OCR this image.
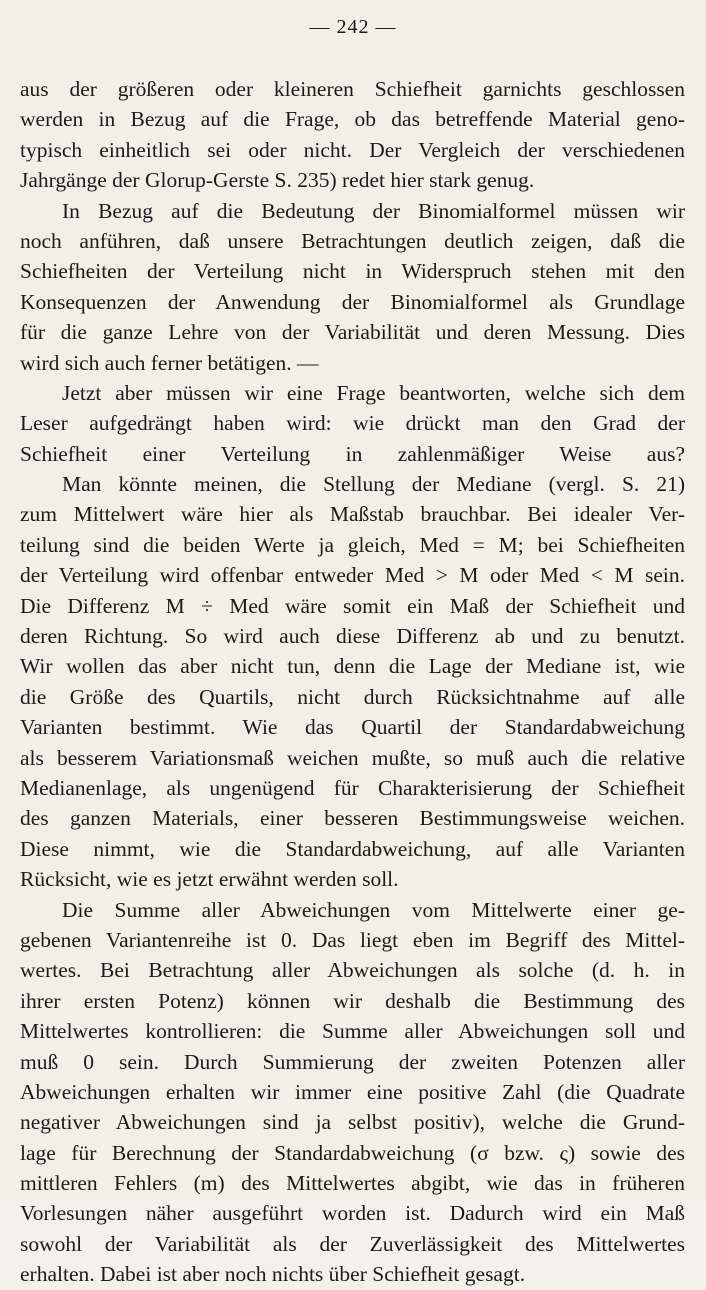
— 242 —
aus der größeren oder kleineren Schiefheit garnichts geschlossen
werden in Bezug auf die Frage, ob das betreffende Material geno-
typisch einheitlich sei oder nicht. Der Vergleich der verschiedenen
Jahrgänge der Glorup-Gerste S. 235) redet hier stark genug.
In Bezug auf die Bedeutung der Binomialformel müssen wir
noch anführen, daß unsere Betrachtungen deutlich zeigen, daß die
Schiefheiten der Verteilung nicht in Widerspruch stehen mit den
Konsequenzen der Anwendung der Binomialformel als Grundlage
für die ganze Lehre von der Variabilität und deren Messung. Dies
wird sich auch ferner betätigen. —
Jetzt aber müssen wir eine Frage beantworten, welche sich dem
Leser aufgedrängt haben wird: wie drückt man den Grad der
Schiefheit einer Verteilung in zahlenmäßiger Weise aus?
Man könnte meinen, die Stellung der Mediane (vergl. S. 21)
zum Mittelwert wäre hier als Maßstab brauchbar. Bei idealer Ver-
teilung sind die beiden Werte ja gleich, Med = M; bei Schiefheiten
der Verteilung wird offenbar entweder Med > M oder Med < M sein.
Die Differenz M ÷ Med wäre somit ein Maß der Schiefheit und
deren Richtung. So wird auch diese Differenz ab und zu benutzt.
Wir wollen das aber nicht tun, denn die Lage der Mediane ist, wie
die Größe des Quartils, nicht durch Rücksichtnahme auf alle
Varianten bestimmt. Wie das Quartil der Standardabweichung
als besserem Variationsmaß weichen mußte, so muß auch die relative
Medianenlage, als ungenügend für Charakterisierung der Schiefheit
des ganzen Materials, einer besseren Bestimmungsweise weichen.
Diese nimmt, wie die Standardabweichung, auf alle Varianten
Rücksicht, wie es jetzt erwähnt werden soll.
Die Summe aller Abweichungen vom Mittelwerte einer ge-
gebenen Variantenreihe ist 0. Das liegt eben im Begriff des Mittel-
wertes. Bei Betrachtung aller Abweichungen als solche (d. h. in
ihrer ersten Potenz) können wir deshalb die Bestimmung des
Mittelwertes kontrollieren: die Summe aller Abweichungen soll und
muß 0 sein. Durch Summierung der zweiten Potenzen aller
Abweichungen erhalten wir immer eine positive Zahl (die Quadrate
negativer Abweichungen sind ja selbst positiv), welche die Grund-
lage für Berechnung der Standardabweichung (σ bzw. ς) sowie des
mittleren Fehlers (m) des Mittelwertes abgibt, wie das in früheren
Vorlesungen näher ausgeführt worden ist. Dadurch wird ein Maß
sowohl der Variabilität als der Zuverlässigkeit des Mittelwertes
erhalten. Dabei ist aber noch nichts über Schiefheit gesagt.
